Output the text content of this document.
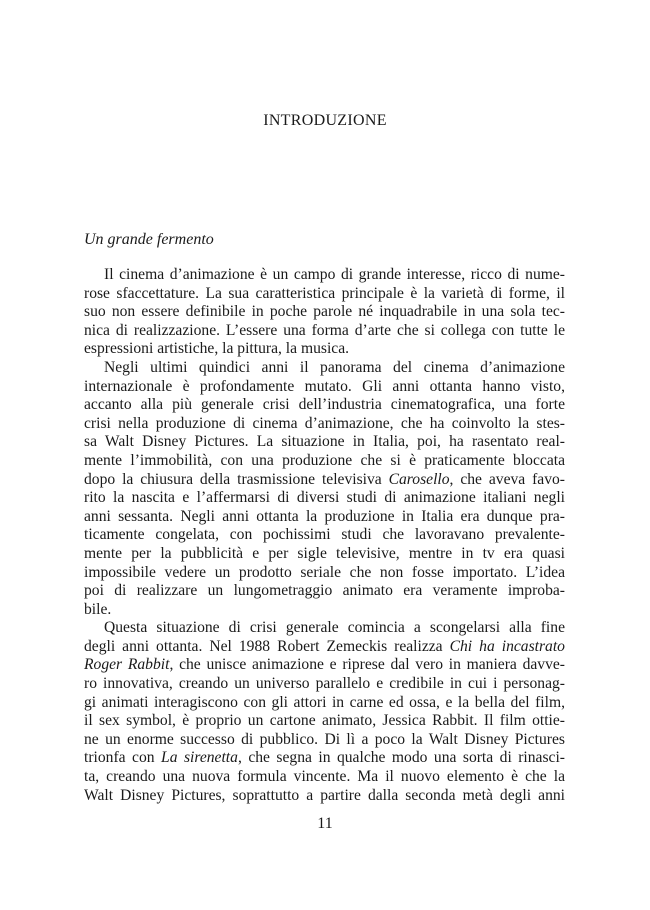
INTRODUZIONE
Un grande fermento
Il cinema d’animazione è un campo di grande interesse, ricco di nume-
rose sfaccettature. La sua caratteristica principale è la varietà di forme, il
suo non essere definibile in poche parole né inquadrabile in una sola tec-
nica di realizzazione. L’essere una forma d’arte che si collega con tutte le
espressioni artistiche, la pittura, la musica.
Negli ultimi quindici anni il panorama del cinema d’animazione
internazionale è profondamente mutato. Gli anni ottanta hanno visto,
accanto alla più generale crisi dell’industria cinematografica, una forte
crisi nella produzione di cinema d’animazione, che ha coinvolto la stes-
sa Walt Disney Pictures. La situazione in Italia, poi, ha rasentato real-
mente l’immobilità, con una produzione che si è praticamente bloccata
dopo la chiusura della trasmissione televisiva Carosello, che aveva favo-
rito la nascita e l’affermarsi di diversi studi di animazione italiani negli
anni sessanta. Negli anni ottanta la produzione in Italia era dunque pra-
ticamente congelata, con pochissimi studi che lavoravano prevalente-
mente per la pubblicità e per sigle televisive, mentre in tv era quasi
impossibile vedere un prodotto seriale che non fosse importato. L’idea
poi di realizzare un lungometraggio animato era veramente improba-
bile.
Questa situazione di crisi generale comincia a scongelarsi alla fine
degli anni ottanta. Nel 1988 Robert Zemeckis realizza Chi ha incastrato
Roger Rabbit, che unisce animazione e riprese dal vero in maniera davve-
ro innovativa, creando un universo parallelo e credibile in cui i personag-
gi animati interagiscono con gli attori in carne ed ossa, e la bella del film,
il sex symbol, è proprio un cartone animato, Jessica Rabbit. Il film ottie-
ne un enorme successo di pubblico. Di lì a poco la Walt Disney Pictures
trionfa con La sirenetta, che segna in qualche modo una sorta di rinasci-
ta, creando una nuova formula vincente. Ma il nuovo elemento è che la
Walt Disney Pictures, soprattutto a partire dalla seconda metà degli anni
11
